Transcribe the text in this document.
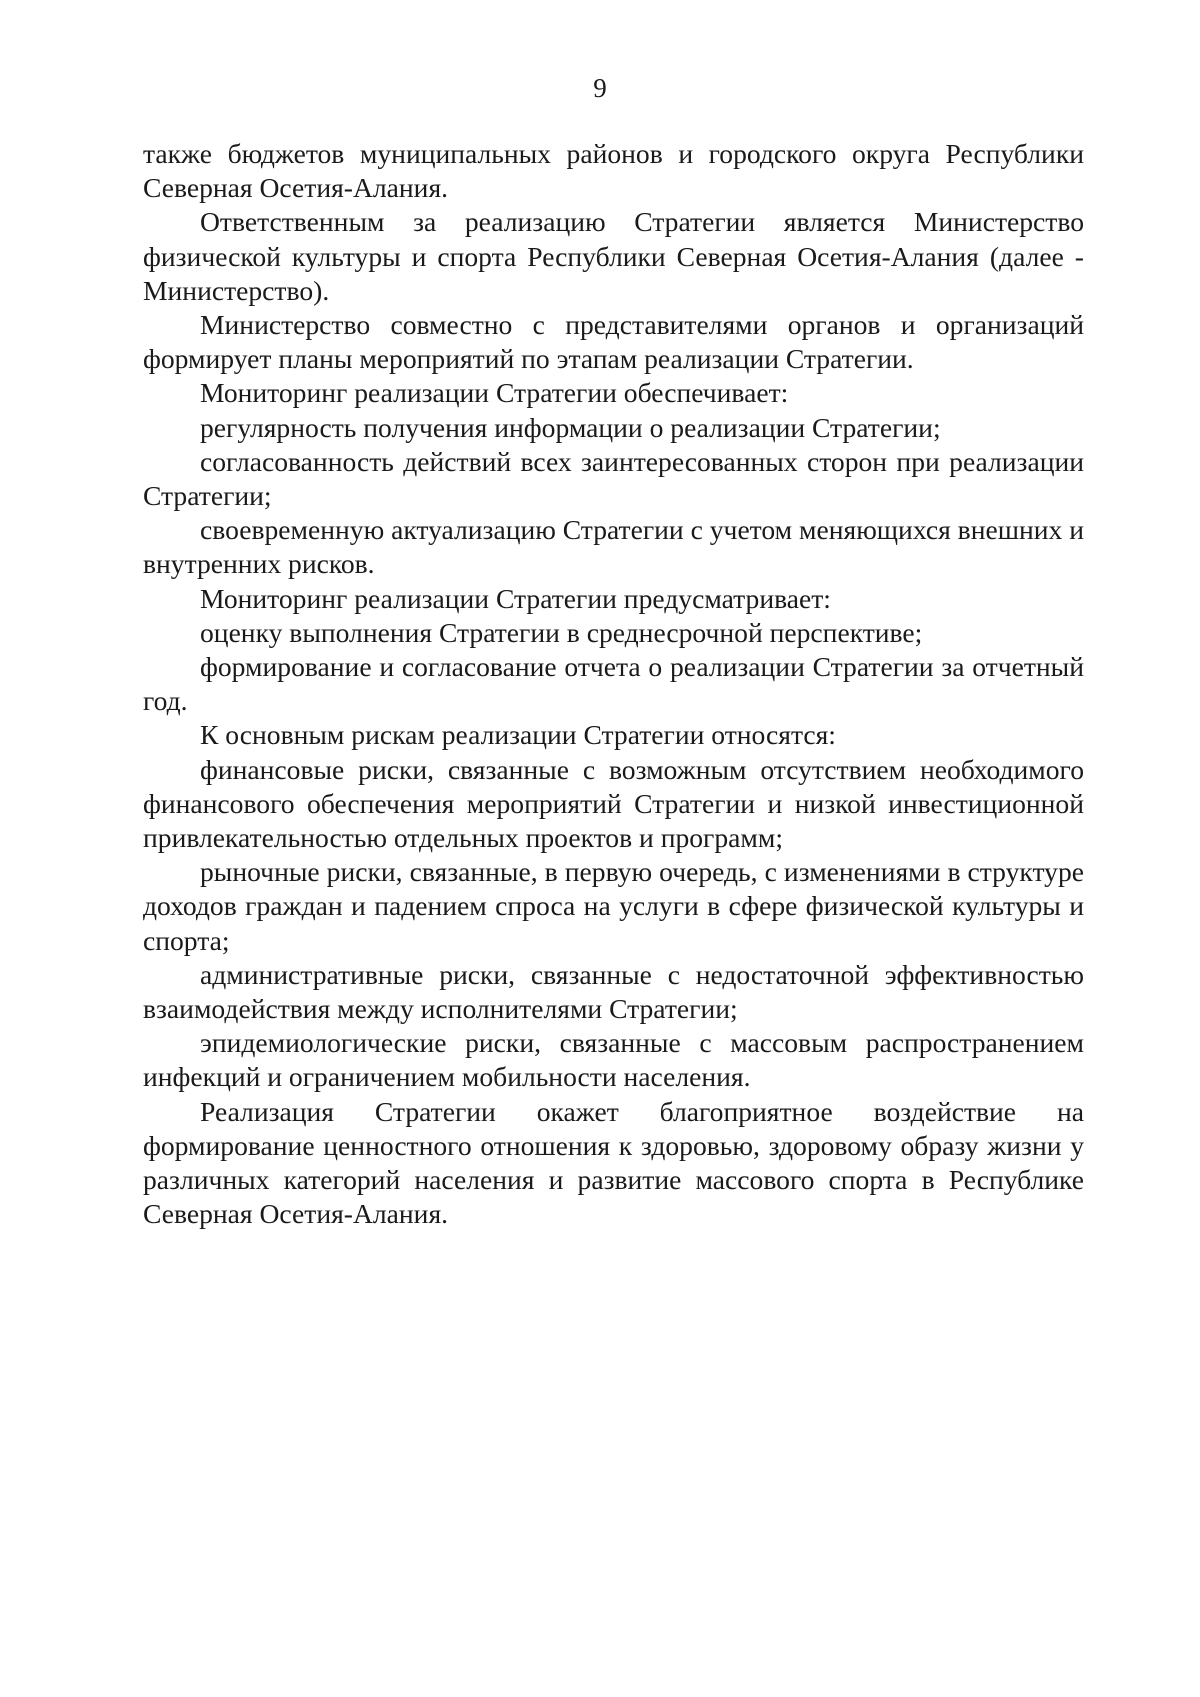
9

также бюджетов муниципальных районов и городского округа Республики Северная Осетия-Алания.

Ответственным за реализацию Стратегии является Министерство физической культуры и спорта Республики Северная Осетия-Алания (далее - Министерство).

Министерство совместно с представителями органов и организаций формирует планы мероприятий по этапам реализации Стратегии.

Мониторинг реализации Стратегии обеспечивает:

регулярность получения информации о реализации Стратегии;

согласованность действий всех заинтересованных сторон при реализации Стратегии;

своевременную актуализацию Стратегии с учетом меняющихся внешних и внутренних рисков.

Мониторинг реализации Стратегии предусматривает:

оценку выполнения Стратегии в среднесрочной перспективе;

формирование и согласование отчета о реализации Стратегии за отчетный год.

К основным рискам реализации Стратегии относятся:

финансовые риски, связанные с возможным отсутствием необходимого финансового обеспечения мероприятий Стратегии и низкой инвестиционной привлекательностью отдельных проектов и программ;

рыночные риски, связанные, в первую очередь, с изменениями в структуре доходов граждан и падением спроса на услуги в сфере физической культуры и спорта;

административные риски, связанные с недостаточной эффективностью взаимодействия между исполнителями Стратегии;

эпидемиологические риски, связанные с массовым распространением инфекций и ограничением мобильности населения.

Реализация Стратегии окажет благоприятное воздействие на формирование ценностного отношения к здоровью, здоровому образу жизни у различных категорий населения и развитие массового спорта в Республике Северная Осетия-Алания.
